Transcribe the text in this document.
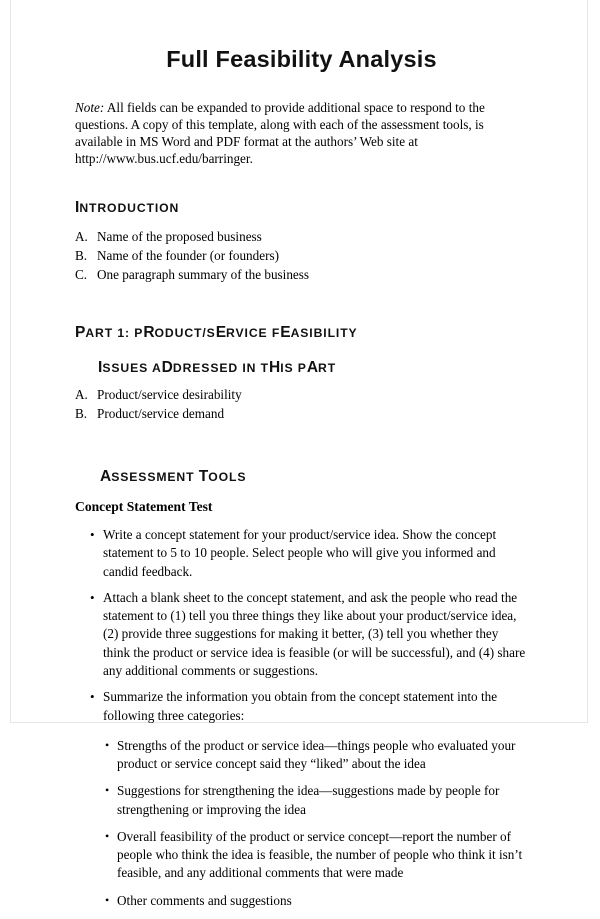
Full Feasibility Analysis

Note: All fields can be expanded to provide additional space to respond to the questions. A copy of this template, along with each of the assessment tools, is available in MS Word and PDF format at the authors’ Web site at http://www.bus.ucf.edu/barringer.

INTRODUCTION
A. Name of the proposed business
B. Name of the founder (or founders)
C. One paragraph summary of the business
PART 1: PRODUCT/SERVICE FEASIBILITY
ISSUES ADDRESSED IN THIS PART
A. Product/service desirability
B. Product/service demand
ASSESSMENT TOOLS
Concept Statement Test
• Write a concept statement for your product/service idea. Show the concept statement to 5 to 10 people. Select people who will give you informed and candid feedback.
• Attach a blank sheet to the concept statement, and ask the people who read the statement to (1) tell you three things they like about your product/service idea, (2) provide three suggestions for making it better, (3) tell you whether they think the product or service idea is feasible (or will be successful), and (4) share any additional comments or suggestions.
• Summarize the information you obtain from the concept statement into the following three categories:
• Strengths of the product or service idea—things people who evaluated your product or service concept said they “liked” about the idea
• Suggestions for strengthening the idea—suggestions made by people for strengthening or improving the idea
• Overall feasibility of the product or service concept—report the number of people who think the idea is feasible, the number of people who think it isn’t feasible, and any additional comments that were made
• Other comments and suggestions
